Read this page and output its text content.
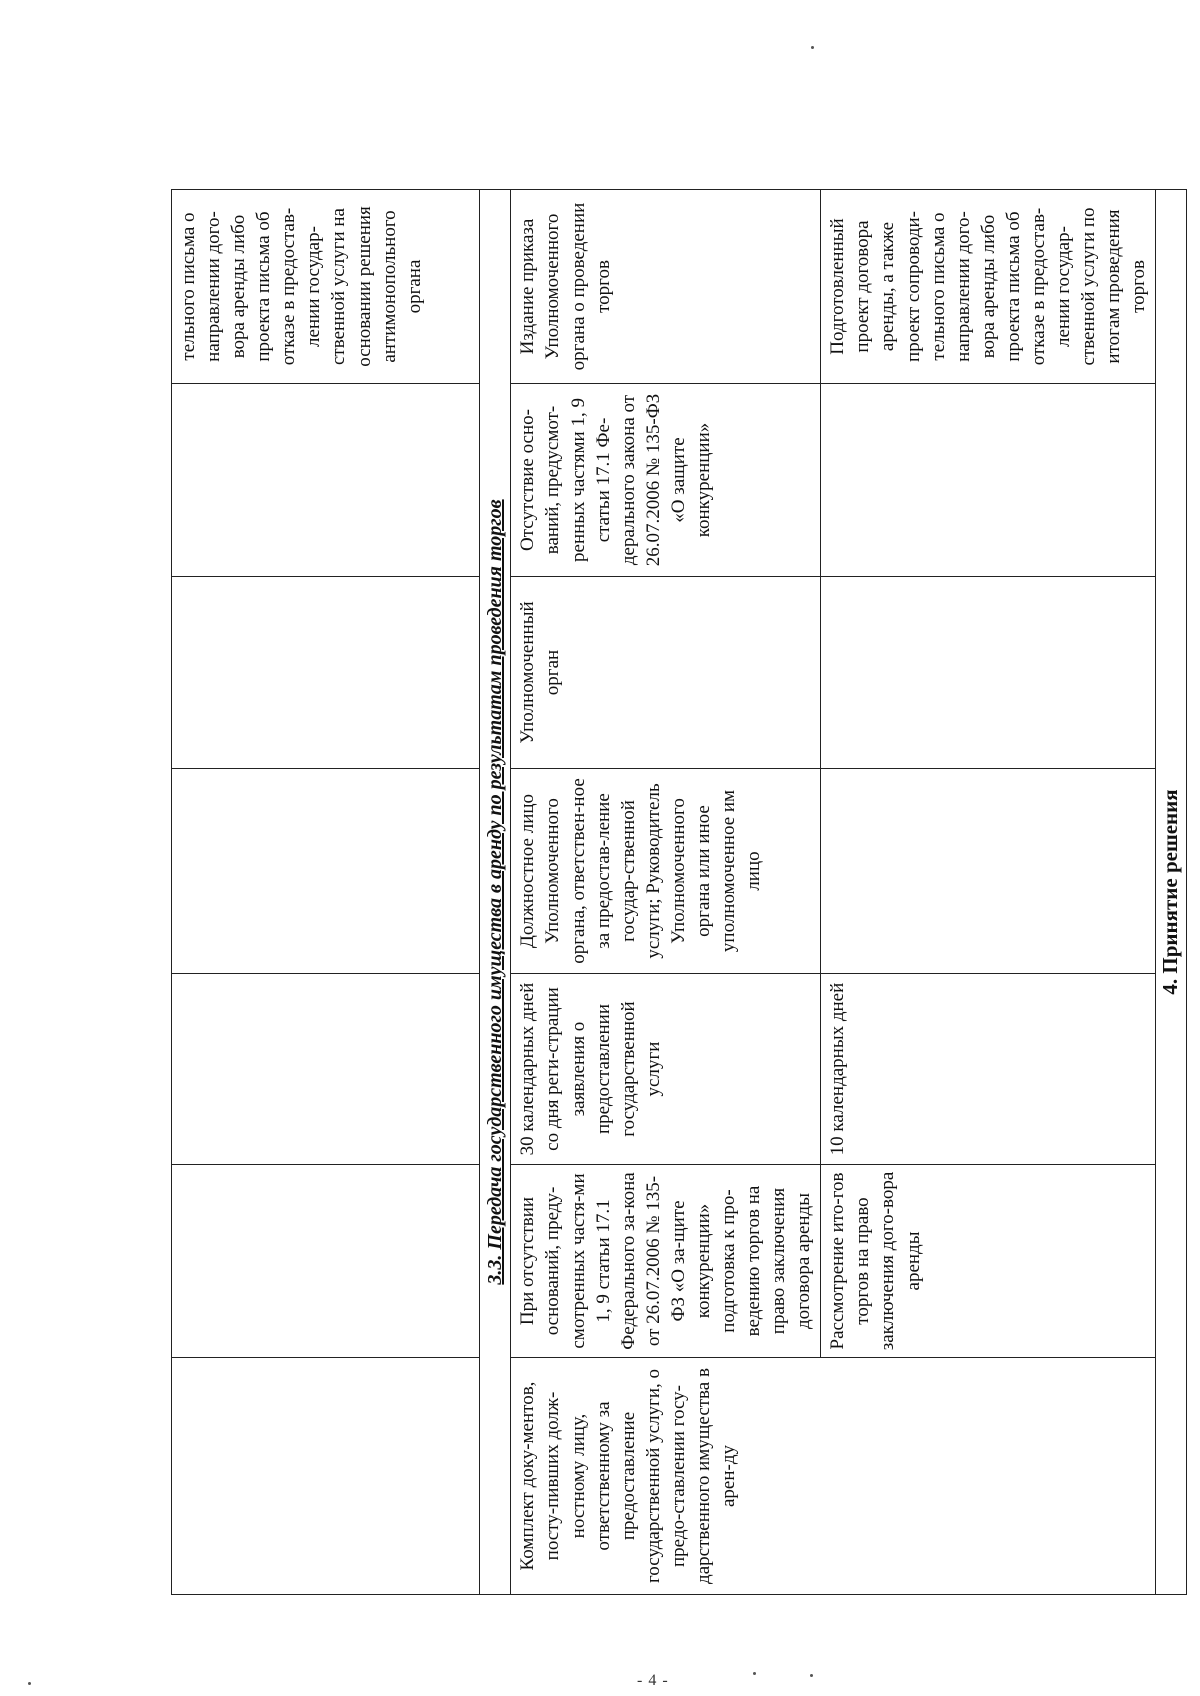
						тельного письма о направлении дого-вора аренды либо проекта письма об отказе в предостав-лении государ-ственной услуги на основании решения антимонопольного органа
3.3. Передача государственного имущества в аренду по результатам проведения торгов						
Комплект доку-ментов, посту-пивших долж-ностному лицу, ответственному за предоставление государственной услуги, о предо-ставлении госу-дарственного имущества в арен-ду	При отсутствии оснований, преду-смотренных частя-ми 1, 9 статьи 17.1 Федерального за-кона от 26.07.2006 № 135-ФЗ «О за-щите конкуренции» подготовка к про-ведению торгов на право заключения договора аренды	30 календарных дней со дня реги-страции заявления о предоставлении государственной услуги	Должностное лицо Уполномоченного органа, ответствен-ное за предостав-ление государ-ственной услуги; Руководитель Уполномоченного органа или иное уполномоченное им лицо	Уполномоченный орган	Отсутствие осно-ваний, предусмот-ренных частями 1, 9 статьи 17.1 Фе-дерального закона от 26.07.2006 № 135-ФЗ «О защите конкуренции»	Издание приказа Уполномоченного органа о проведении торгов
	Рассмотрение ито-гов торгов на право заключения дого-вора аренды	10 календарных дней				Подготовленный проект договора аренды, а также проект сопроводи-тельного письма о направлении дого-вора аренды либо проекта письма об отказе в предостав-лении государ-ственной услуги по итогам проведения торгов
4. Принятие решения						
- 4 -
